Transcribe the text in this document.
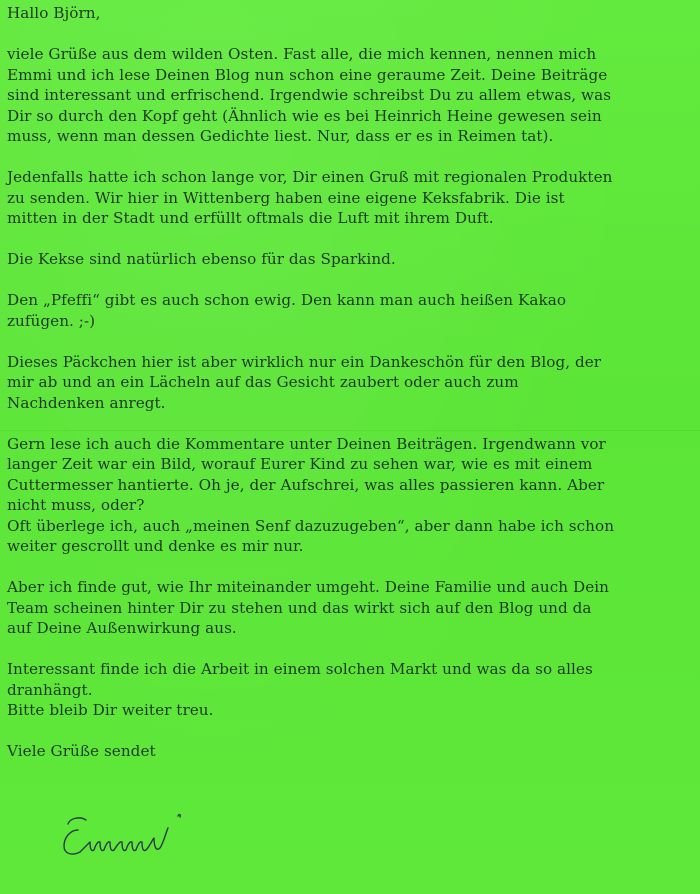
Hallo Björn,
viele Grüße aus dem wilden Osten. Fast alle, die mich kennen, nennen mich
Emmi und ich lese Deinen Blog nun schon eine geraume Zeit. Deine Beiträge
sind interessant und erfrischend. Irgendwie schreibst Du zu allem etwas, was
Dir so durch den Kopf geht (Ähnlich wie es bei Heinrich Heine gewesen sein
muss, wenn man dessen Gedichte liest. Nur, dass er es in Reimen tat).
Jedenfalls hatte ich schon lange vor, Dir einen Gruß mit regionalen Produkten
zu senden. Wir hier in Wittenberg haben eine eigene Keksfabrik. Die ist
mitten in der Stadt und erfüllt oftmals die Luft mit ihrem Duft.
Die Kekse sind natürlich ebenso für das Sparkind.
Den „Pfeffi“ gibt es auch schon ewig. Den kann man auch heißen Kakao
zufügen. ;-)
Dieses Päckchen hier ist aber wirklich nur ein Dankeschön für den Blog, der
mir ab und an ein Lächeln auf das Gesicht zaubert oder auch zum
Nachdenken anregt.
Gern lese ich auch die Kommentare unter Deinen Beiträgen. Irgendwann vor
langer Zeit war ein Bild, worauf Eurer Kind zu sehen war, wie es mit einem
Cuttermesser hantierte. Oh je, der Aufschrei, was alles passieren kann. Aber
nicht muss, oder?
Oft überlege ich, auch „meinen Senf dazuzugeben“, aber dann habe ich schon
weiter gescrollt und denke es mir nur.
Aber ich finde gut, wie Ihr miteinander umgeht. Deine Familie und auch Dein
Team scheinen hinter Dir zu stehen und das wirkt sich auf den Blog und da
auf Deine Außenwirkung aus.
Interessant finde ich die Arbeit in einem solchen Markt und was da so alles
dranhängt.
Bitte bleib Dir weiter treu.
Viele Grüße sendet
